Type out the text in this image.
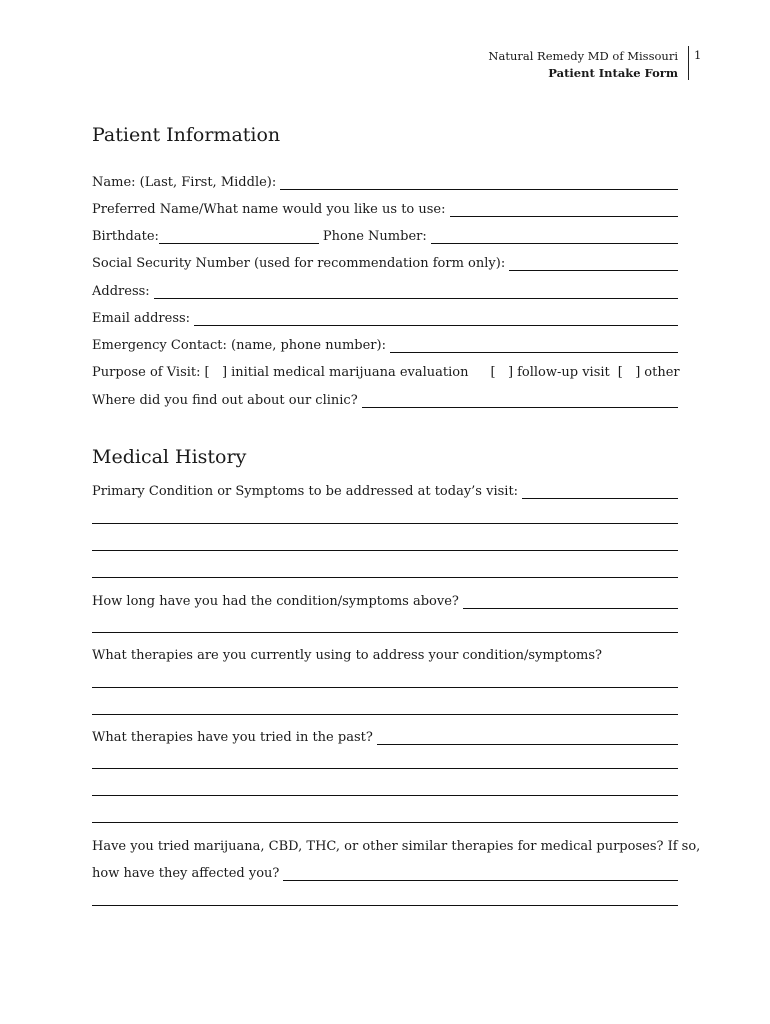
Natural Remedy MD of Missouri
Patient Intake Form
1
Patient Information
Name: (Last, First, Middle):
Preferred Name/What name would you like us to use:
Birthdate:	Phone Number:
Social Security Number (used for recommendation form only):
Address:
Email address:
Emergency Contact: (name, phone number):
Purpose of Visit: [   ] initial medical marijuana evaluation [   ] follow-up visit [   ] other
Where did you find out about our clinic?
Medical History
Primary Condition or Symptoms to be addressed at today’s visit:
How long have you had the condition/symptoms above?
What therapies are you currently using to address your condition/symptoms?
What therapies have you tried in the past?
Have you tried marijuana, CBD, THC, or other similar therapies for medical purposes? If so,
how have they affected you?
